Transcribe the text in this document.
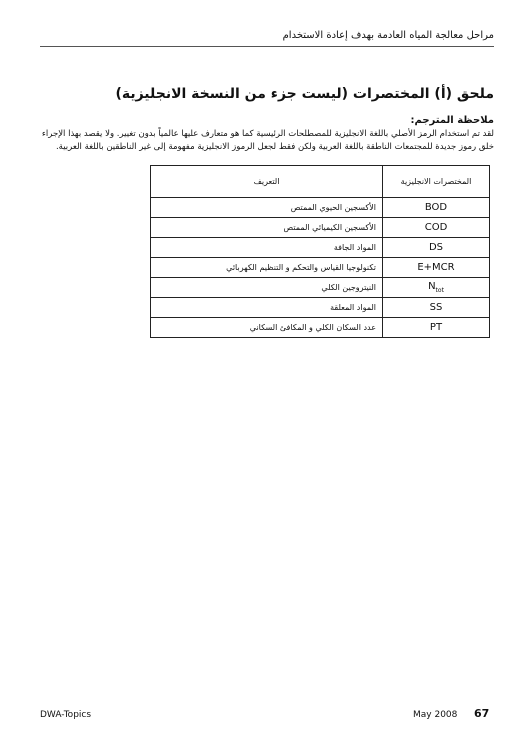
مراحل معالجة المياه العادمة بهدف إعادة الاستخدام
ملحق (أ) المختصرات (ليست جزء من النسخة الانجليزية)
ملاحظة المترجم:

لقد تم استخدام الرمز الأصلي باللغة الانجليزية للمصطلحات الرئيسية كما هو متعارف عليها عالمياً بدون تغيير. ولا يقصد بهذا الإجراء

خلق رموز جديدة للمجتمعات الناطقة باللغة العربية ولكن فقط لجعل الرموز الانجليزية مفهومة إلى غير الناطقين باللغة العربية.

التعريف	المختصرات الانجليزية
الأكسجين الحيوي الممتص	BOD
الأكسجين الكيميائي الممتص	COD
المواد الجافة	DS
تكنولوجيا القياس والتحكم و التنظيم الكهربائي	E+MCR
النيتروجين الكلي	$N_{tot}$
المواد المعلقة	SS
عدد السكان الكلي و المكافئ السكاني	PT
DWA-Topics	May 2008 67
